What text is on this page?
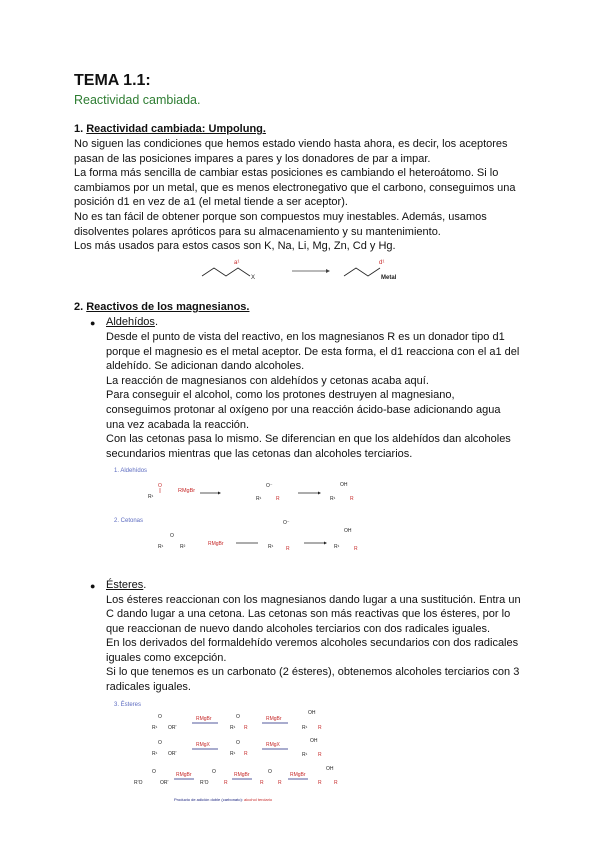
TEMA 1.1:
Reactividad cambiada.
1. Reactividad cambiada: Umpolung.
No siguen las condiciones que hemos estado viendo hasta ahora, es decir, los aceptores
pasan de las posiciones impares a pares y los donadores de par a impar.
La forma más sencilla de cambiar estas posiciones es cambiando el heteroátomo. Si lo
cambiamos por un metal, que es menos electronegativo que el carbono, conseguimos una
posición d1 en vez de a1 (el metal tiende a ser aceptor).
No es tan fácil de obtener porque son compuestos muy inestables. Además, usamos
disolventes polares apróticos para su almacenamiento y su mantenimiento.
Los más usados para estos casos son K, Na, Li, Mg, Zn, Cd y Hg.
a¹
X
d¹
Metal
2. Reactivos de los magnesianos.
● Aldehídos.
Desde el punto de vista del reactivo, en los magnesianos R es un donador tipo d1
porque el magnesio es el metal aceptor. De esta forma, el d1 reacciona con el a1 del
aldehído. Se adicionan dando alcoholes.
La reacción de magnesianos con aldehídos y cetonas acaba aquí.
Para conseguir el alcohol, como los protones destruyen al magnesiano,
conseguimos protonar al oxígeno por una reacción ácido-base adicionando agua
una vez acabada la reacción.
Con las cetonas pasa lo mismo. Se diferencian en que los aldehídos dan alcoholes
secundarios mientras que las cetonas dan alcoholes terciarios.
1. Aldehídos
O
R¹
RMgBr
O⁻
R¹	R
OH
R¹	R
2. Cetonas
O
R¹	R²	RMgBr
O⁻
R¹	R
OH
R¹	R
● Ésteres.
Los ésteres reaccionan con los magnesianos dando lugar a una sustitución. Entra un
C dando lugar a una cetona. Las cetonas son más reactivas que los ésteres, por lo
que reaccionan de nuevo dando alcoholes terciarios con dos radicales iguales.
En los derivados del formaldehído veremos alcoholes secundarios con dos radicales
iguales como excepción.
Si lo que tenemos es un carbonato (2 ésteres), obtenemos alcoholes terciarios con 3
radicales iguales.
3. Ésteres
O
R¹ OR'
RMgBr	O
R¹ R
RMgBr
OH
R¹ R
O
R¹ OR'
RMgX	O
R¹ R
RMgX
OH
R¹ R
O
R'O	OR'
RMgBr	O
R'O	R
RMgBr	O
R	R
RMgBr
OH
R R
Producto de adición doble (carbonato): alcohol terciario
